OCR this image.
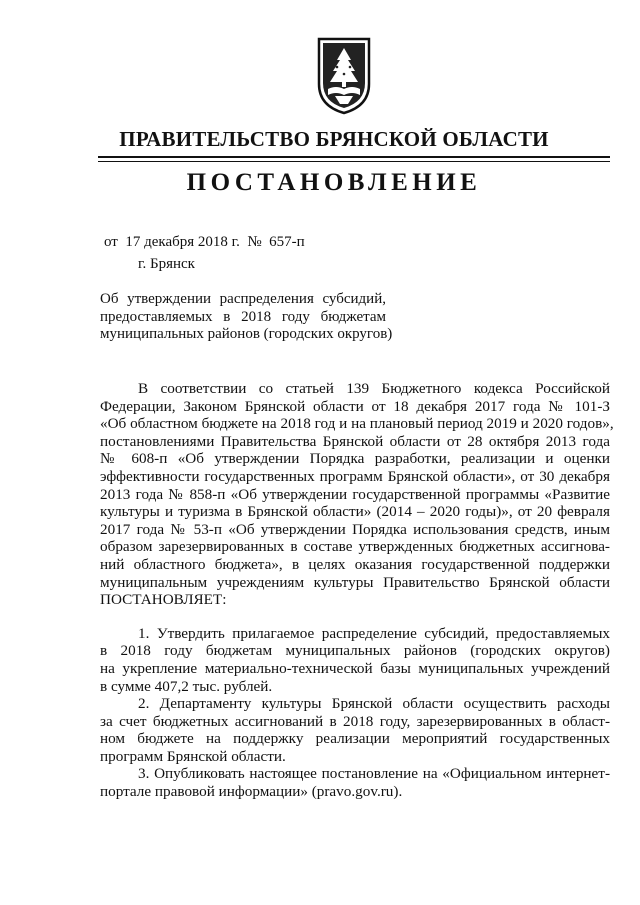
ПРАВИТЕЛЬСТВО БРЯНСКОЙ ОБЛАСТИ
ПОСТАНОВЛЕНИЕ
от 17 декабря 2018 г. № 657-п
г. Брянск
Об утверждении распределения субсидий,
предоставляемых в 2018 году бюджетам
муниципальных районов (городских округов)
В соответствии со статьей 139 Бюджетного кодекса Российской
Федерации, Законом Брянской области от 18 декабря 2017 года № 101-З
«Об областном бюджете на 2018 год и на плановый период 2019 и 2020 годов»,
постановлениями Правительства Брянской области от 28 октября 2013 года
№ 608-п «Об утверждении Порядка разработки, реализации и оценки
эффективности государственных программ Брянской области», от 30 декабря
2013 года № 858-п «Об утверждении государственной программы «Развитие
культуры и туризма в Брянской области» (2014 – 2020 годы)», от 20 февраля
2017 года № 53-п «Об утверждении Порядка использования средств, иным
образом зарезервированных в составе утвержденных бюджетных ассигнова-
ний областного бюджета», в целях оказания государственной поддержки
муниципальным учреждениям культуры Правительство Брянской области
ПОСТАНОВЛЯЕТ:
1. Утвердить прилагаемое распределение субсидий, предоставляемых
в 2018 году бюджетам муниципальных районов (городских округов)
на укрепление материально-технической базы муниципальных учреждений
в сумме 407,2 тыс. рублей.
2. Департаменту культуры Брянской области осуществить расходы
за счет бюджетных ассигнований в 2018 году, зарезервированных в област-
ном бюджете на поддержку реализации мероприятий государственных
программ Брянской области.
3. Опубликовать настоящее постановление на «Официальном интернет-
портале правовой информации» (pravo.gov.ru).
